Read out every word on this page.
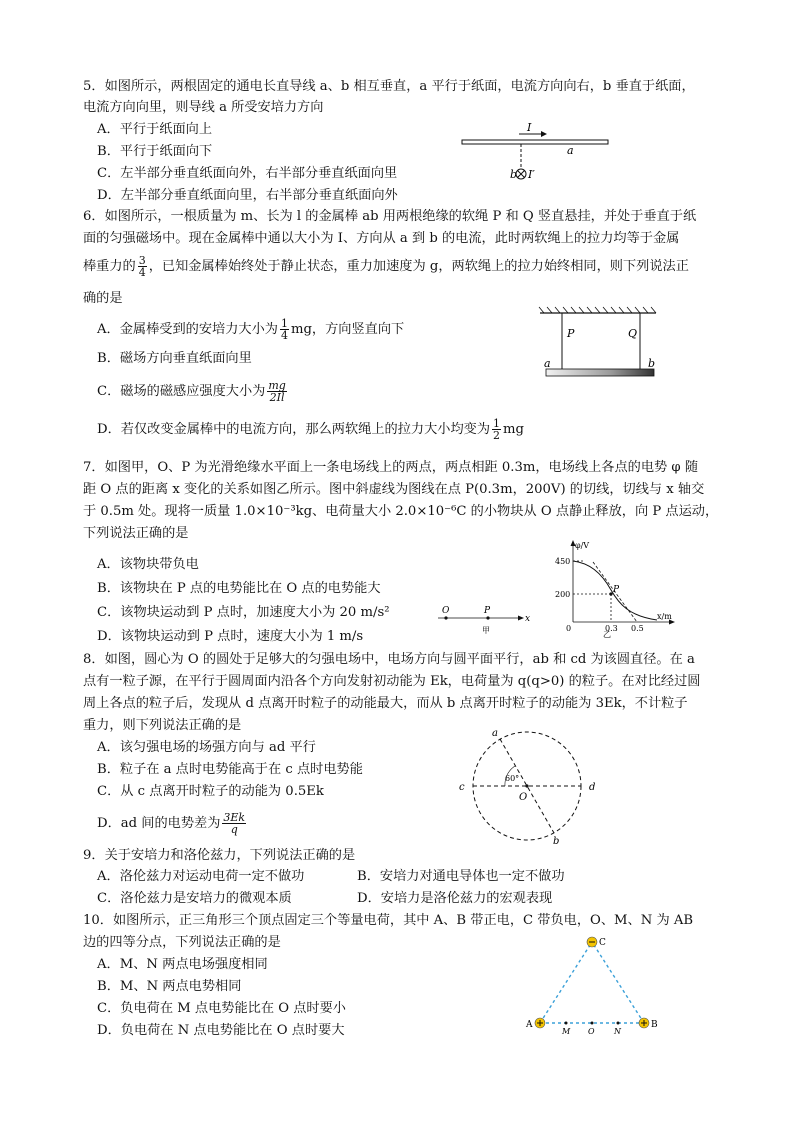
5．如图所示，两根固定的通电长直导线 a、b 相互垂直，a 平行于纸面，电流方向向右，b 垂直于纸面，
电流方向向里，则导线 a 所受安培力方向
A．平行于纸面向上
B．平行于纸面向下
C．左半部分垂直纸面向外，右半部分垂直纸面向里
D．左半部分垂直纸面向里，右半部分垂直纸面向外
I
a
b I′
6．如图所示，一根质量为 m、长为 l 的金属棒 ab 用两根绝缘的软绳 P 和 Q 竖直悬挂，并处于垂直于纸
面的匀强磁场中。现在金属棒中通以大小为 I、方向从 a 到 b 的电流，此时两软绳上的拉力均等于金属
棒重力的 $\frac{3}{4}$ ，已知金属棒始终处于静止状态，重力加速度为 g，两软绳上的拉力始终相同，则下列说法正
确的是
A．金属棒受到的安培力大小为 $\frac{1}{4}$ mg，方向竖直向下
B．磁场方向垂直纸面向里
C．磁场的磁感应强度大小为 $\frac{mg}{2Il}$
D．若仅改变金属棒中的电流方向，那么两软绳上的拉力大小均变为 $\frac{1}{2}$ mg
P	Q
a	b
7．如图甲，O、P 为光滑绝缘水平面上一条电场线上的两点，两点相距 0.3m，电场线上各点的电势 φ 随
距 O 点的距离 x 变化的关系如图乙所示。图中斜虚线为图线在点 P(0.3m，200V) 的切线，切线与 x 轴交
于 0.5m 处。现将一质量 1.0×10⁻³kg、电荷量大小 2.0×10⁻⁶C 的小物块从 O 点静止释放，向 P 点运动，
下列说法正确的是
A．该物块带负电
B．该物块在 P 点的电势能比在 O 点的电势能大
C．该物块运动到 P 点时，加速度大小为 20 m/s²
D．该物块运动到 P 点时，速度大小为 1 m/s
O	P
x
甲
P
φ/V
x/m
450
200
0	0.3 0.5
乙
8．如图，圆心为 O 的圆处于足够大的匀强电场中，电场方向与圆平面平行，ab 和 cd 为该圆直径。在 a
点有一粒子源，在平行于圆周面内沿各个方向发射初动能为 Ek，电荷量为 q(q>0) 的粒子。在对比经过圆
周上各点的粒子后，发现从 d 点离开时粒子的动能最大，而从 b 点离开时粒子的动能为 3Ek，不计粒子
重力，则下列说法正确的是
A．该匀强电场的场强方向与 ad 平行
B．粒子在 a 点时电势能高于在 c 点时电势能
C．从 c 点离开时粒子的动能为 0.5Ek
D．ad 间的电势差为 $\frac{3Ek}{q}$
O
a
b
c	d
60°
9．关于安培力和洛伦兹力，下列说法正确的是
A．洛伦兹力对运动电荷一定不做功	B．安培力对通电导体也一定不做功
C．洛伦兹力是安培力的微观本质	D．安培力是洛伦兹力的宏观表现
10．如图所示，正三角形三个顶点固定三个等量电荷，其中 A、B 带正电，C 带负电，O、M、N 为 AB
边的四等分点，下列说法正确的是
A．M、N 两点电场强度相同
B．M、N 两点电势相同
C．负电荷在 M 点电势能比在 O 点时要小
D．负电荷在 N 点电势能比在 O 点时要大	A	B
C
M O N
